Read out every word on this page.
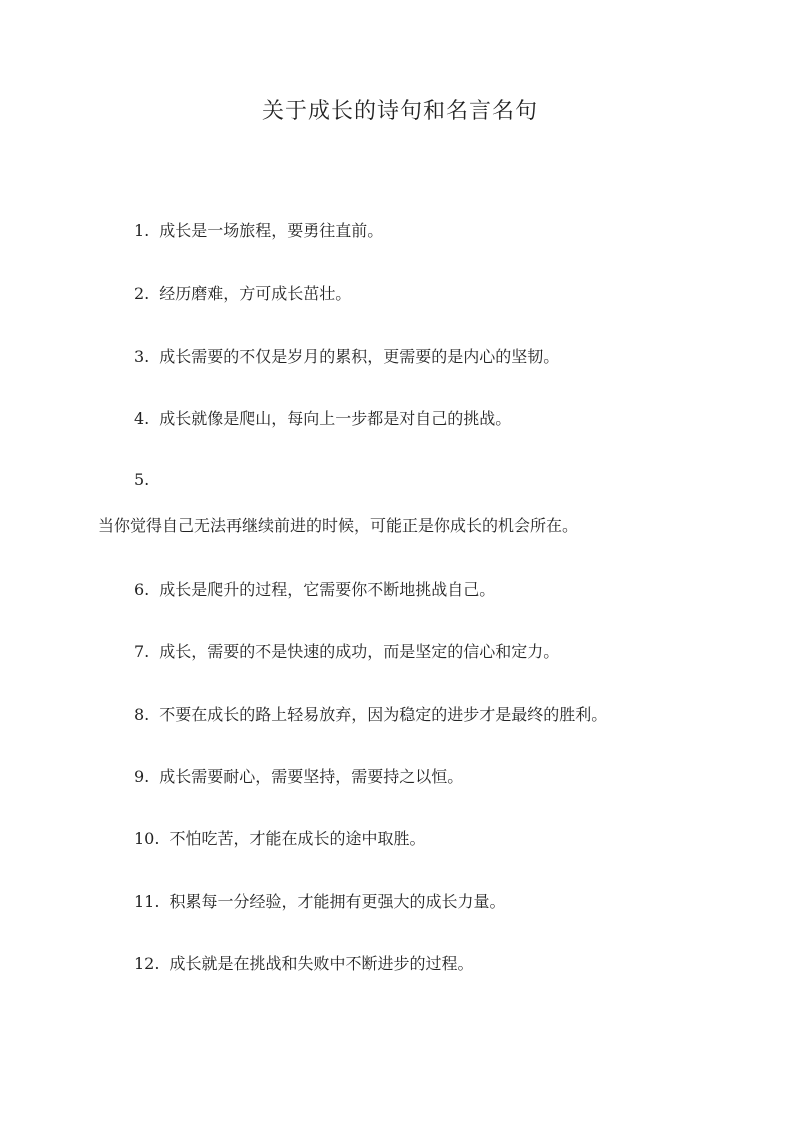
关于成长的诗句和名言名句

1. 成长是一场旅程，要勇往直前。

2. 经历磨难，方可成长茁壮。

3. 成长需要的不仅是岁月的累积，更需要的是内心的坚韧。

4. 成长就像是爬山，每向上一步都是对自己的挑战。

5.
当你觉得自己无法再继续前进的时候，可能正是你成长的机会所在。

6. 成长是爬升的过程，它需要你不断地挑战自己。

7. 成长，需要的不是快速的成功，而是坚定的信心和定力。

8. 不要在成长的路上轻易放弃，因为稳定的进步才是最终的胜利。

9. 成长需要耐心，需要坚持，需要持之以恒。

10. 不怕吃苦，才能在成长的途中取胜。

11. 积累每一分经验，才能拥有更强大的成长力量。

12. 成长就是在挑战和失败中不断进步的过程。
